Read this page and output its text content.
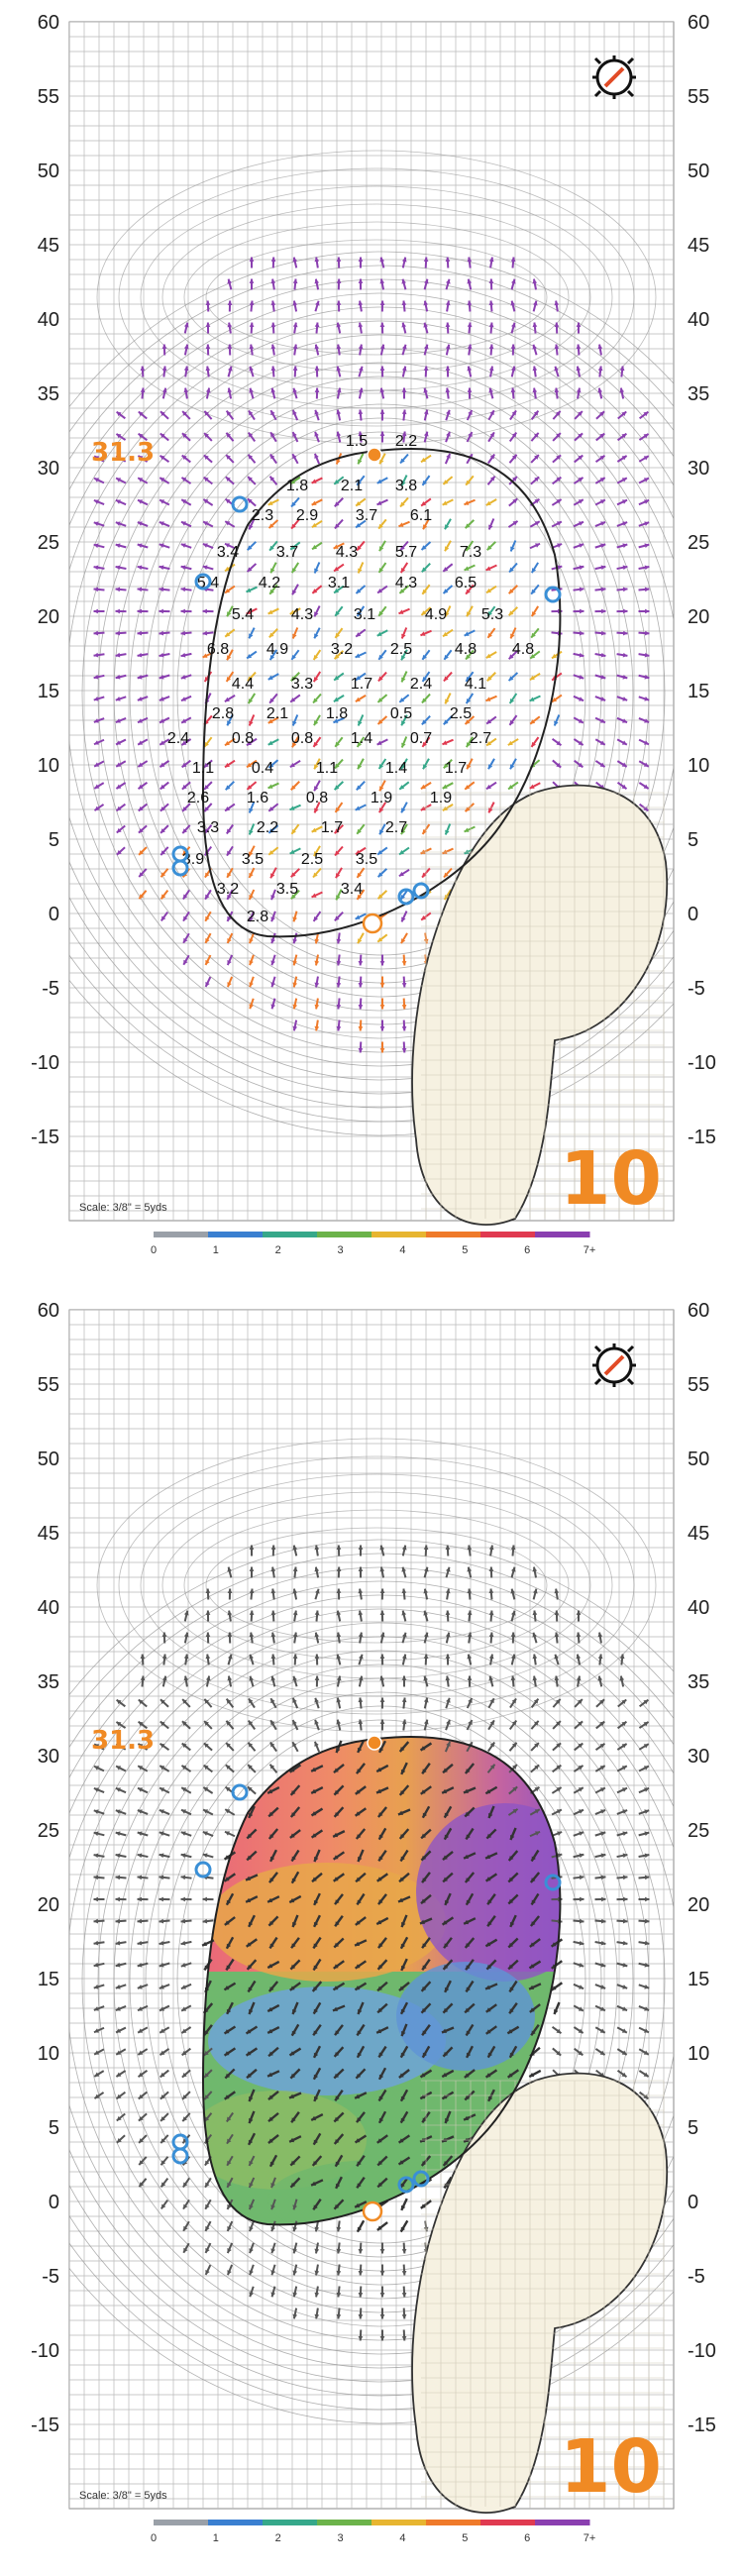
1.5 2.2
1.8 2.1 3.8
2.3 2.9 3.7 6.1
3.4 3.7 4.3 5.7	7.3
5.4 4.2	3.1	4.3 6.5
5.4 4.3	3.1	4.9 5.3
6.8 4.9	3.2 2.5	4.8 4.8
4.4 3.3 1.7 2.4 4.1
2.8 2.1 1.8	0.5 2.5
2.4	0.8 0.8 1.4 0.7 2.7
1.1 0.4	1.1	1.4 1.7
2.6 1.6 0.8	1.9 1.9
3.3 2.2	1.7	2.7
3.9 3.5 2.5 3.5
3.2 3.5	3.4
2.8
31.3
10
Scale: 3/8" = 5yds
60
55
50
45
40
35
30
25
20
15
10
5
0
-5
-10
-15
60
55
50
45
40
35
30
25
20
15
10
5
0
-5
-10
-15
0	1	2	3	4	5	6	7+
31.3
10
Scale: 3/8" = 5yds
60
55
50
45
40
35
30
25
20
15
10
5
0
-5
-10
-15
60
55
50
45
40
35
30
25
20
15
10
5
0
-5
-10
-15
0	1	2	3	4	5	6	7+
